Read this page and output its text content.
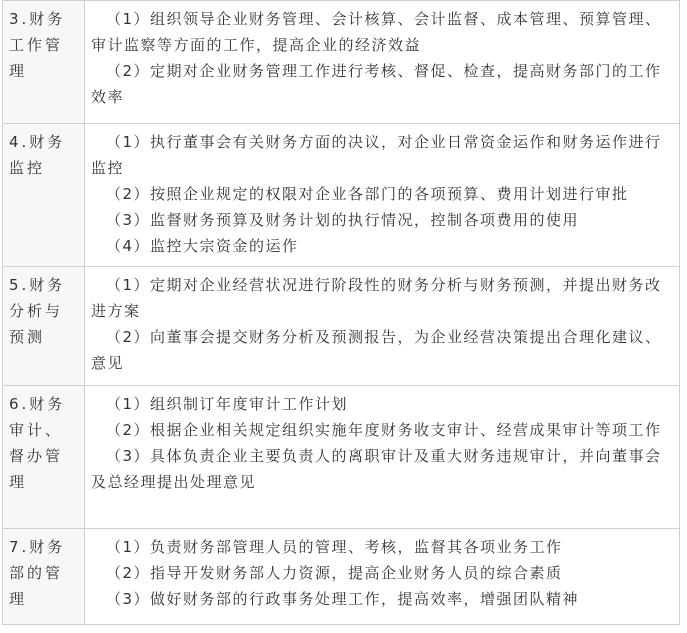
3.财务工作管理	（1）组织领导企业财务管理、会计核算、会计监督、成本管理、预算管理、审计监察等方面的工作，提高企业的经济效益
（2）定期对企业财务管理工作进行考核、督促、检查，提高财务部门的工作效率

4.财务监控	（1）执行董事会有关财务方面的决议，对企业日常资金运作和财务运作进行监控
（2）按照企业规定的权限对企业各部门的各项预算、费用计划进行审批
（3）监督财务预算及财务计划的执行情况，控制各项费用的使用
（4）监控大宗资金的运作

5.财务分析与预测	（1）定期对企业经营状况进行阶段性的财务分析与财务预测，并提出财务改进方案
（2）向董事会提交财务分析及预测报告，为企业经营决策提出合理化建议、意见

6.财务审计、督办管理	（1）组织制订年度审计工作计划
（2）根据企业相关规定组织实施年度财务收支审计、经营成果审计等项工作
（3）具体负责企业主要负责人的离职审计及重大财务违规审计，并向董事会及总经理提出处理意见

7.财务部的管理	（1）负责财务部管理人员的管理、考核，监督其各项业务工作
（2）指导开发财务部人力资源，提高企业财务人员的综合素质
（3）做好财务部的行政事务处理工作，提高效率，增强团队精神
